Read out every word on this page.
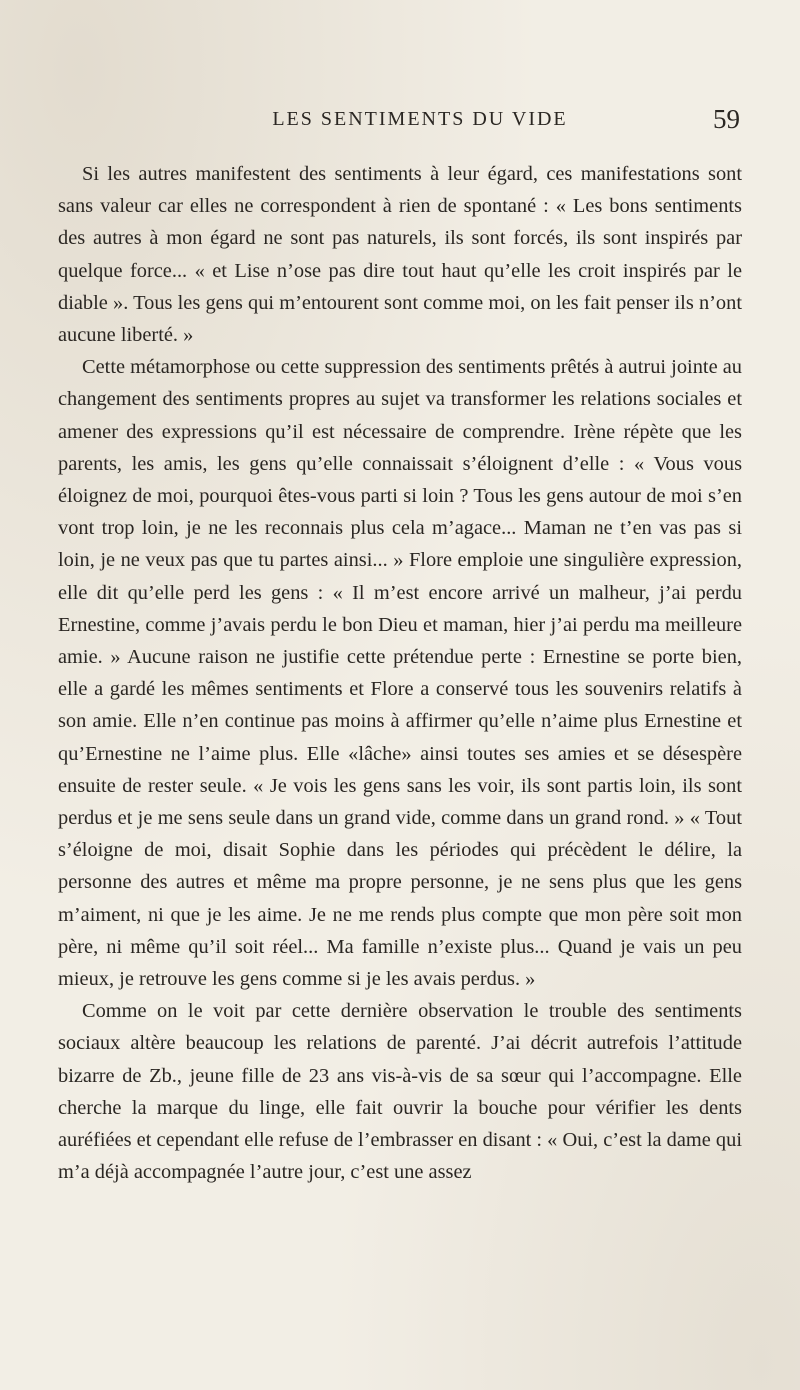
LES SENTIMENTS DU VIDE	59

Si les autres manifestent des sentiments à leur égard, ces manifestations sont sans valeur car elles ne correspondent à rien de spontané : « Les bons sentiments des autres à mon égard ne sont pas naturels, ils sont forcés, ils sont inspirés par quelque force... « et Lise n’ose pas dire tout haut qu’elle les croit inspirés par le diable ». Tous les gens qui m’entourent sont comme moi, on les fait penser ils n’ont aucune liberté. »

Cette métamorphose ou cette suppression des sentiments prêtés à autrui jointe au changement des sentiments propres au sujet va transformer les relations sociales et amener des expressions qu’il est nécessaire de comprendre. Irène répète que les parents, les amis, les gens qu’elle connaissait s’éloignent d’elle : « Vous vous éloignez de moi, pourquoi êtes-vous parti si loin ? Tous les gens autour de moi s’en vont trop loin, je ne les reconnais plus cela m’agace... Maman ne t’en vas pas si loin, je ne veux pas que tu partes ainsi... » Flore emploie une singulière expression, elle dit qu’elle perd les gens : « Il m’est encore arrivé un malheur, j’ai perdu Ernestine, comme j’avais perdu le bon Dieu et maman, hier j’ai perdu ma meilleure amie. » Aucune raison ne justifie cette prétendue perte : Ernestine se porte bien, elle a gardé les mêmes sentiments et Flore a conservé tous les souvenirs relatifs à son amie. Elle n’en continue pas moins à affirmer qu’elle n’aime plus Ernestine et qu’Ernestine ne l’aime plus. Elle «lâche» ainsi toutes ses amies et se désespère ensuite de rester seule. « Je vois les gens sans les voir, ils sont partis loin, ils sont perdus et je me sens seule dans un grand vide, comme dans un grand rond. » « Tout s’éloigne de moi, disait Sophie dans les périodes qui précèdent le délire, la personne des autres et même ma propre personne, je ne sens plus que les gens m’aiment, ni que je les aime. Je ne me rends plus compte que mon père soit mon père, ni même qu’il soit réel... Ma famille n’existe plus... Quand je vais un peu mieux, je retrouve les gens comme si je les avais perdus. »

Comme on le voit par cette dernière observation le trouble des sentiments sociaux altère beaucoup les relations de parenté. J’ai décrit autrefois l’attitude bizarre de Zb., jeune fille de 23 ans vis-à-vis de sa sœur qui l’accompagne. Elle cherche la marque du linge, elle fait ouvrir la bouche pour vérifier les dents auréfiées et cependant elle refuse de l’embrasser en disant : « Oui, c’est la dame qui m’a déjà accompagnée l’autre jour, c’est une assez
